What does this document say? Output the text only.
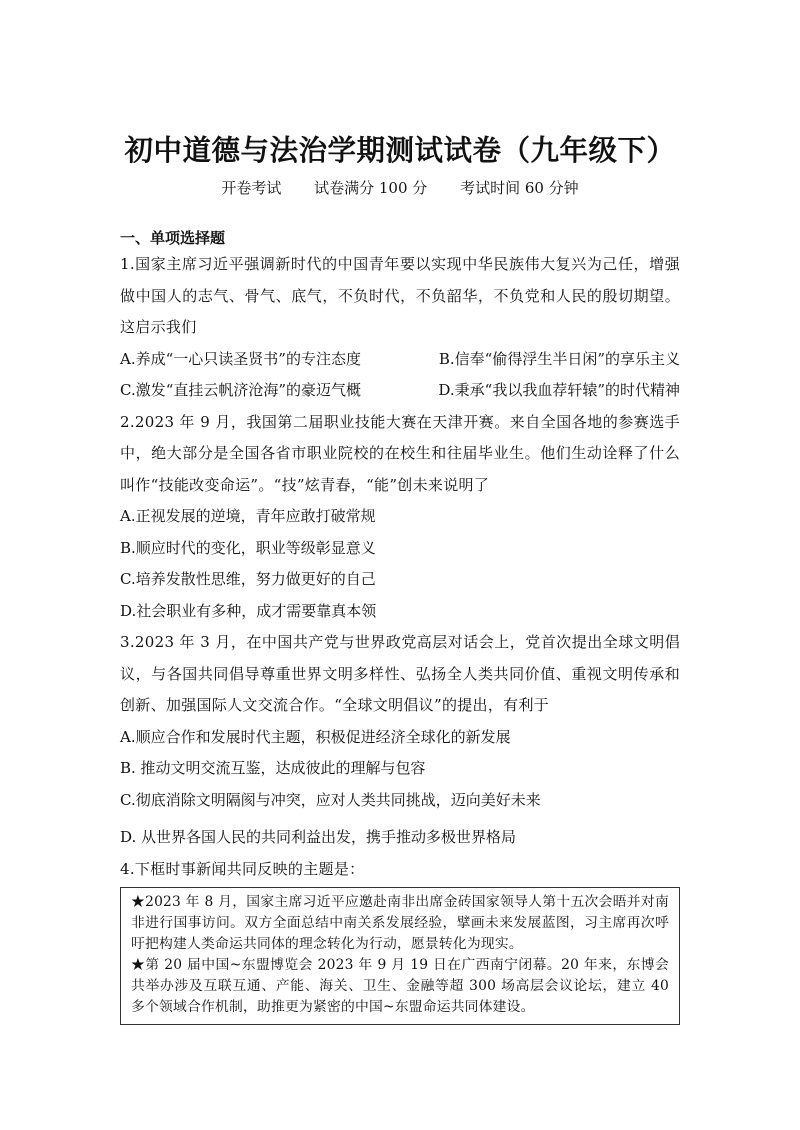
初中道德与法治学期测试试卷（九年级下）
开卷考试 试卷满分 100 分 考试时间 60 分钟
一、单项选择题
1.国家主席习近平强调新时代的中国青年要以实现中华民族伟大复兴为己任，增强做中国人的志气、骨气、底气，不负时代，不负韶华，不负党和人民的殷切期望。这启示我们
A.养成“一心只读圣贤书”的专注态度	B.信奉“偷得浮生半日闲”的享乐主义
C.激发“直挂云帆济沧海”的豪迈气概	D.秉承“我以我血荐轩辕”的时代精神
2.2023 年 9 月，我国第二届职业技能大赛在天津开赛。来自全国各地的参赛选手中，绝大部分是全国各省市职业院校的在校生和往届毕业生。他们生动诠释了什么叫作“技能改变命运”。“技”炫青春，“能”创未来说明了

A.正视发展的逆境，青年应敢打破常规

B.顺应时代的变化，职业等级彰显意义

C.培养发散性思维，努力做更好的自己

D.社会职业有多种，成才需要靠真本领

3.2023 年 3 月，在中国共产党与世界政党高层对话会上，党首次提出全球文明倡议，与各国共同倡导尊重世界文明多样性、弘扬全人类共同价值、重视文明传承和创新、加强国际人文交流合作。“全球文明倡议”的提出，有利于

A.顺应合作和发展时代主题，积极促进经济全球化的新发展

B. 推动文明交流互鉴，达成彼此的理解与包容

C.彻底消除文明隔阂与冲突，应对人类共同挑战，迈向美好未来

D. 从世界各国人民的共同利益出发，携手推动多极世界格局

4.下框时事新闻共同反映的主题是：

★2023 年 8 月，国家主席习近平应邀赴南非出席金砖国家领导人第十五次会晤并对南非进行国事访问。双方全面总结中南关系发展经验，擘画未来发展蓝图，习主席再次呼吁把构建人类命运共同体的理念转化为行动，愿景转化为现实。

★第 20 届中国~东盟博览会 2023 年 9 月 19 日在广西南宁闭幕。20 年来，东博会共举办涉及互联互通、产能、海关、卫生、金融等超 300 场高层会议论坛，建立 40 多个领域合作机制，助推更为紧密的中国~东盟命运共同体建设。
